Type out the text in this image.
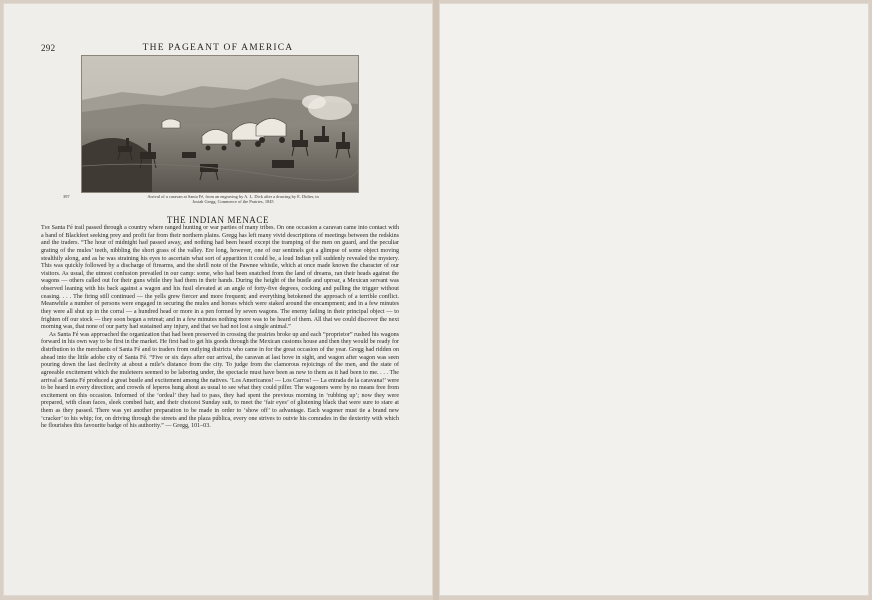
292	THE PAGEANT OF AMERICA
397	Arrival of a caravan at Santa Fé, from an engraving by A. L. Dick after a drawing by E. Didier, in
Josiah Gregg, Commerce of the Prairies, 1845
THE INDIAN MENACE

The Santa Fé trail passed through a country where ranged hunting or war parties of many tribes. On one occasion a caravan came into contact with a band of Blackfeet seeking prey and profit far from their northern plains. Gregg has left many vivid descriptions of meetings between the redskins and the traders. “The hour of midnight had passed away, and nothing had been heard except the tramping of the men on guard, and the peculiar grating of the mules’ teeth, nibbling the short grass of the valley. Ere long, however, one of our sentinels got a glimpse of some object moving stealthily along, and as he was straining his eyes to ascertain what sort of apparition it could be, a loud Indian yell suddenly revealed the mystery. This was quickly followed by a discharge of firearms, and the shrill note of the Pawnee whistle, which at once made known the character of our visitors. As usual, the utmost confusion prevailed in our camp: some, who had been snatched from the land of dreams, ran their heads against the wagons — others called out for their guns while they had them in their hands. During the height of the bustle and uproar, a Mexican servant was observed leaning with his back against a wagon and his fusil elevated at an angle of forty-five degrees, cocking and pulling the trigger without ceasing. . . . The firing still continued — the yells grew fiercer and more frequent; and everything betokened the approach of a terrible conflict. Meanwhile a number of persons were engaged in securing the mules and horses which were staked around the encampment; and in a few minutes they were all shut up in the corral — a hundred head or more in a pen formed by seven wagons. The enemy failing in their principal object — to frighten off our stock — they soon began a retreat; and in a few minutes nothing more was to be heard of them. All that we could discover the next morning was, that none of our party had sustained any injury, and that we had not lost a single animal.”

As Santa Fé was approached the organization that had been preserved in crossing the prairies broke up and each “proprietor” rushed his wagons forward in his own way to be first in the market. He first had to get his goods through the Mexican customs house and then they would be ready for distribution to the merchants of Santa Fé and to traders from outlying districts who came in for the great occasion of the year. Gregg had ridden on ahead into the little adobe city of Santa Fé. “Five or six days after our arrival, the caravan at last hove in sight, and wagon after wagon was seen pouring down the last declivity at about a mile’s distance from the city. To judge from the clamorous rejoicings of the men, and the state of agreeable excitement which the muleteers seemed to be laboring under, the spectacle must have been as new to them as it had been to me. . . . The arrival at Santa Fé produced a great bustle and excitement among the natives. ‘Los Americanos! — Los Carros! — La entrada de la caravana!’ were to be heard in every direction; and crowds of leperos hung about as usual to see what they could pilfer. The wagoners were by no means free from excitement on this occasion. Informed of the ‘ordeal’ they had to pass, they had spent the previous morning in ‘rubbing up’; now they were prepared, with clean faces, sleek combed hair, and their choicest Sunday suit, to meet the ‘fair eyes’ of glistening black that were sure to stare at them as they passed. There was yet another preparation to be made in order to ‘show off’ to advantage. Each wagoner must tie a brand new ‘cracker’ to his whip; for, on driving through the streets and the plaza pública, every one strives to outvie his comrades in the dexterity with which he flourishes this favourite badge of his authority.” — Gregg, 101–03.
